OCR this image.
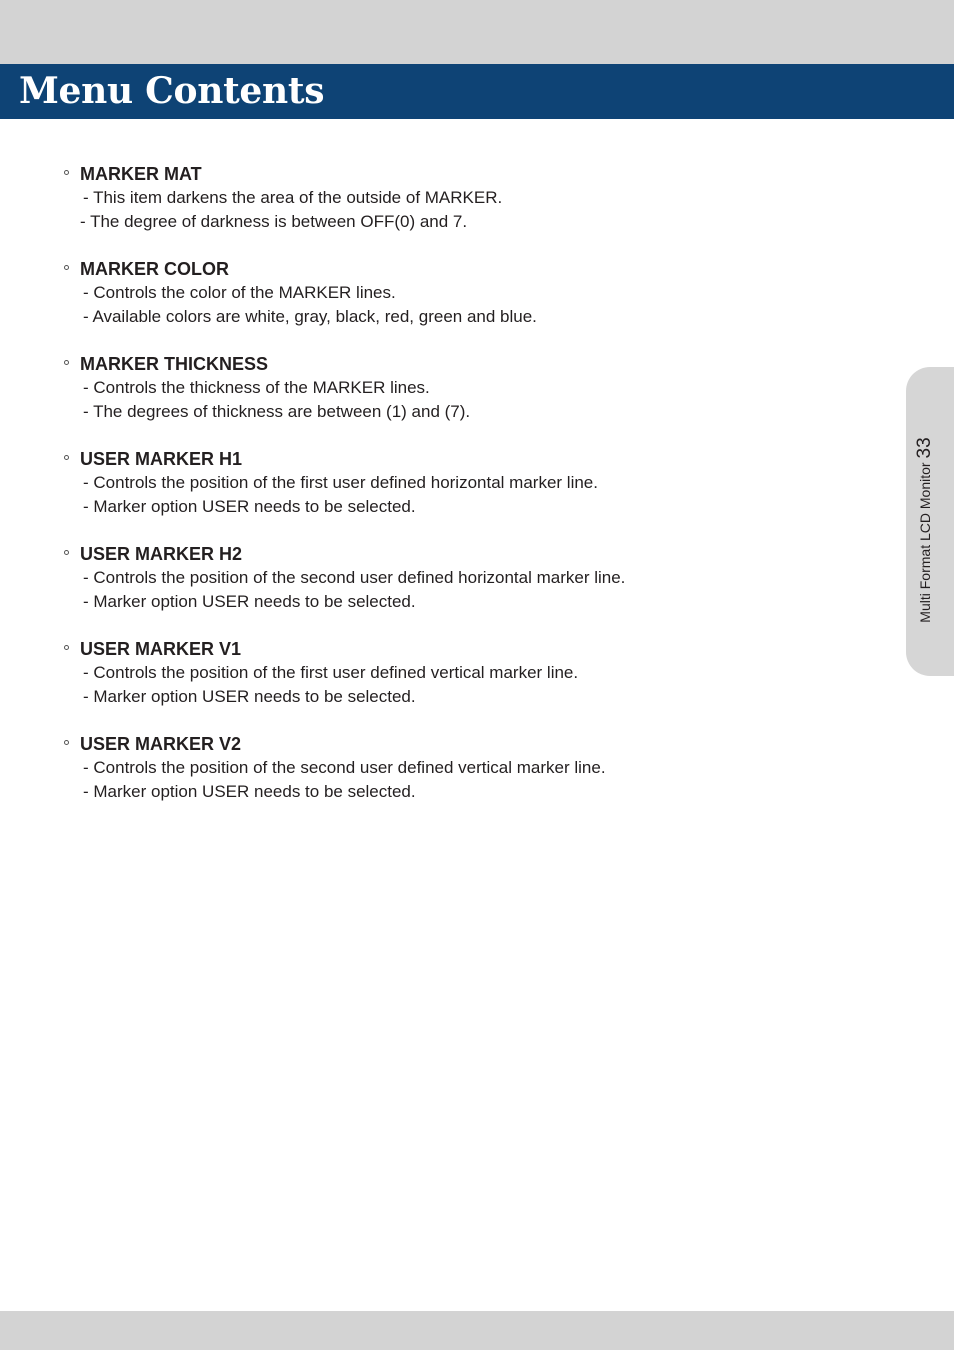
Menu Contents
Multi Format LCD Monitor33
MARKER MAT
- This item darkens the area of the outside of MARKER.
- The degree of darkness is between OFF(0) and 7.
MARKER COLOR
- Controls the color of the MARKER lines.
- Available colors are white, gray, black, red, green and blue.
MARKER THICKNESS
- Controls the thickness of the MARKER lines.
- The degrees of thickness are between (1) and (7).
USER MARKER H1
- Controls the position of the first user defined horizontal marker line.
- Marker option USER needs to be selected.
USER MARKER H2
- Controls the position of the second user defined horizontal marker line.
- Marker option USER needs to be selected.
USER MARKER V1
- Controls the position of the first user defined vertical marker line.
- Marker option USER needs to be selected.
USER MARKER V2
- Controls the position of the second user defined vertical marker line.
- Marker option USER needs to be selected.
